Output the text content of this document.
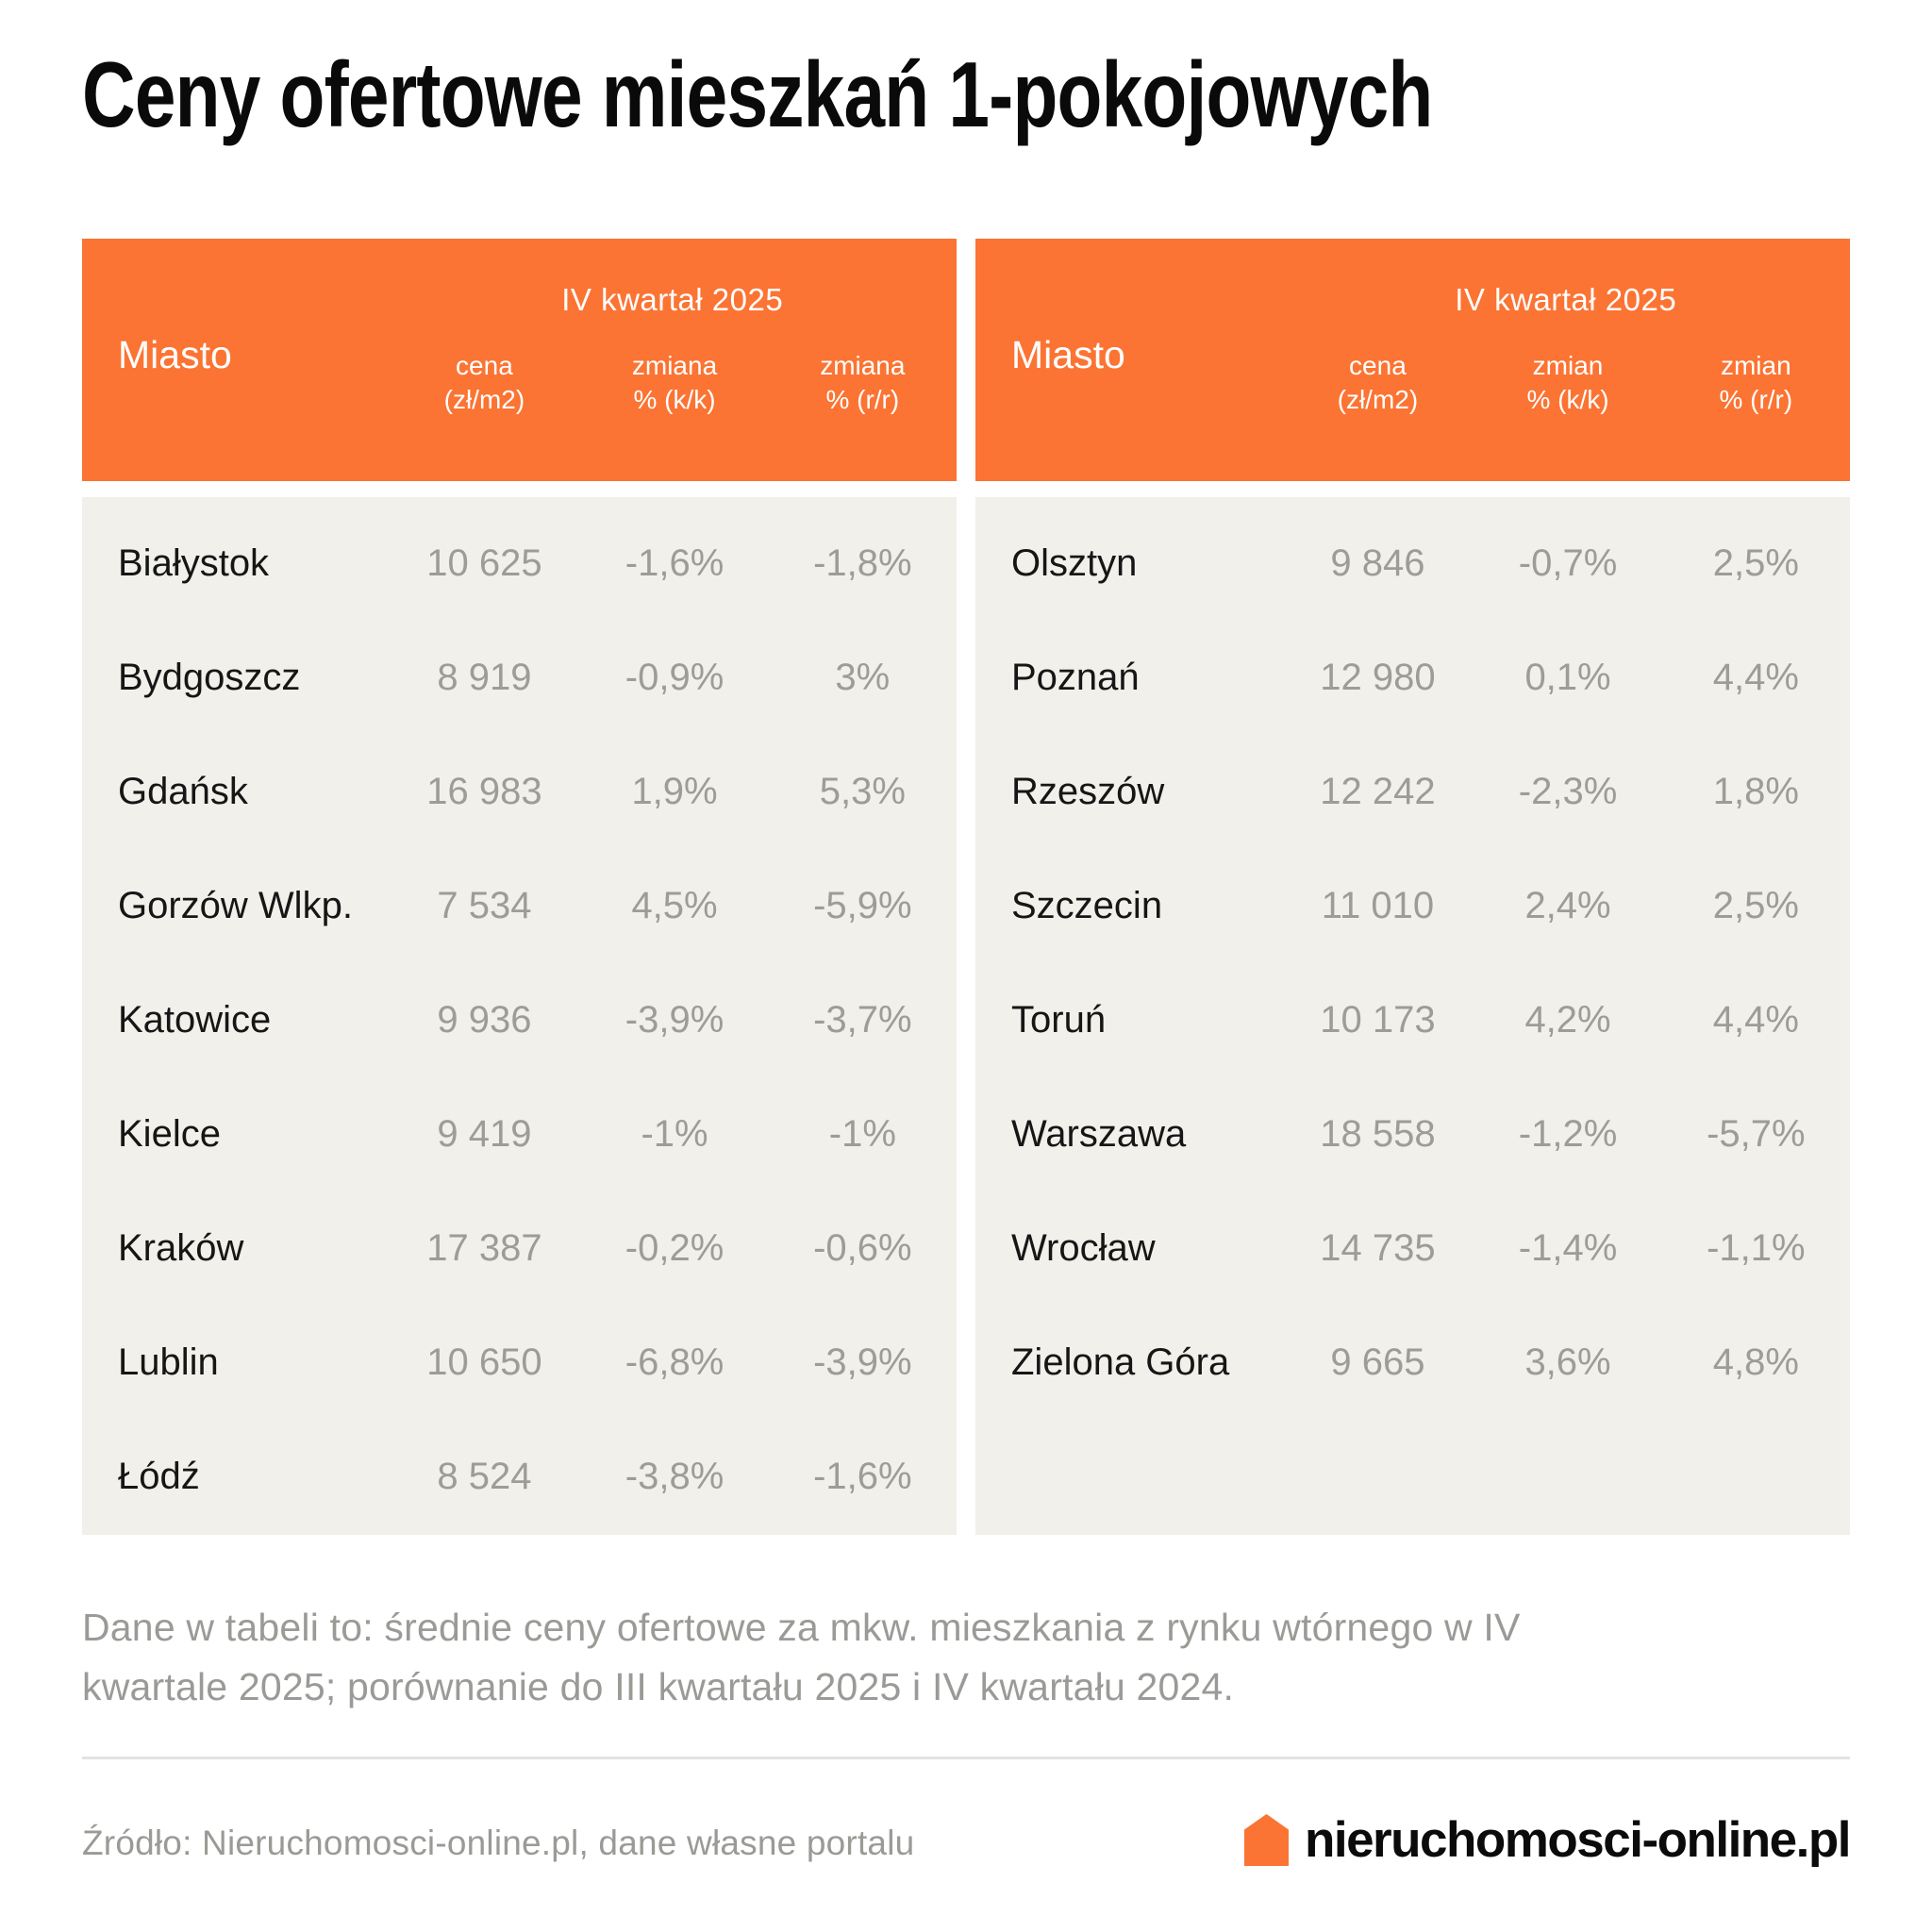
Ceny ofertowe mieszkań 1-pokojowych
IV kwartał 2025
Miasto	cena
(zł/m2)
zmiana
% (k/k)
zmiana
% (r/r)
Białystok	10 625	-1,6%	-1,8%
Bydgoszcz	8 919	-0,9%	3%
Gdańsk	16 983	1,9%	5,3%
Gorzów Wlkp.	7 534	4,5%	-5,9%
Katowice	9 936	-3,9%	-3,7%
Kielce	9 419	-1%	-1%
Kraków	17 387	-0,2%	-0,6%
Lublin	10 650	-6,8%	-3,9%
Łódź	8 524	-3,8%	-1,6%
IV kwartał 2025
Miasto	cena
(zł/m2)
zmian
% (k/k)
zmian
% (r/r)
Olsztyn	9 846	-0,7%	2,5%
Poznań	12 980	0,1%	4,4%
Rzeszów	12 242	-2,3%	1,8%
Szczecin	11 010	2,4%	2,5%
Toruń	10 173	4,2%	4,4%
Warszawa	18 558	-1,2%	-5,7%
Wrocław	14 735	-1,4%	-1,1%
Zielona Góra	9 665	3,6%	4,8%
Dane w tabeli to: średnie ceny ofertowe za mkw. mieszkania z rynku wtórnego w IV
kwartale 2025; porównanie do III kwartału 2025 i IV kwartału 2024.
Źródło: Nieruchomosci-online.pl, dane własne portalu	nieruchomosci-online.pl
